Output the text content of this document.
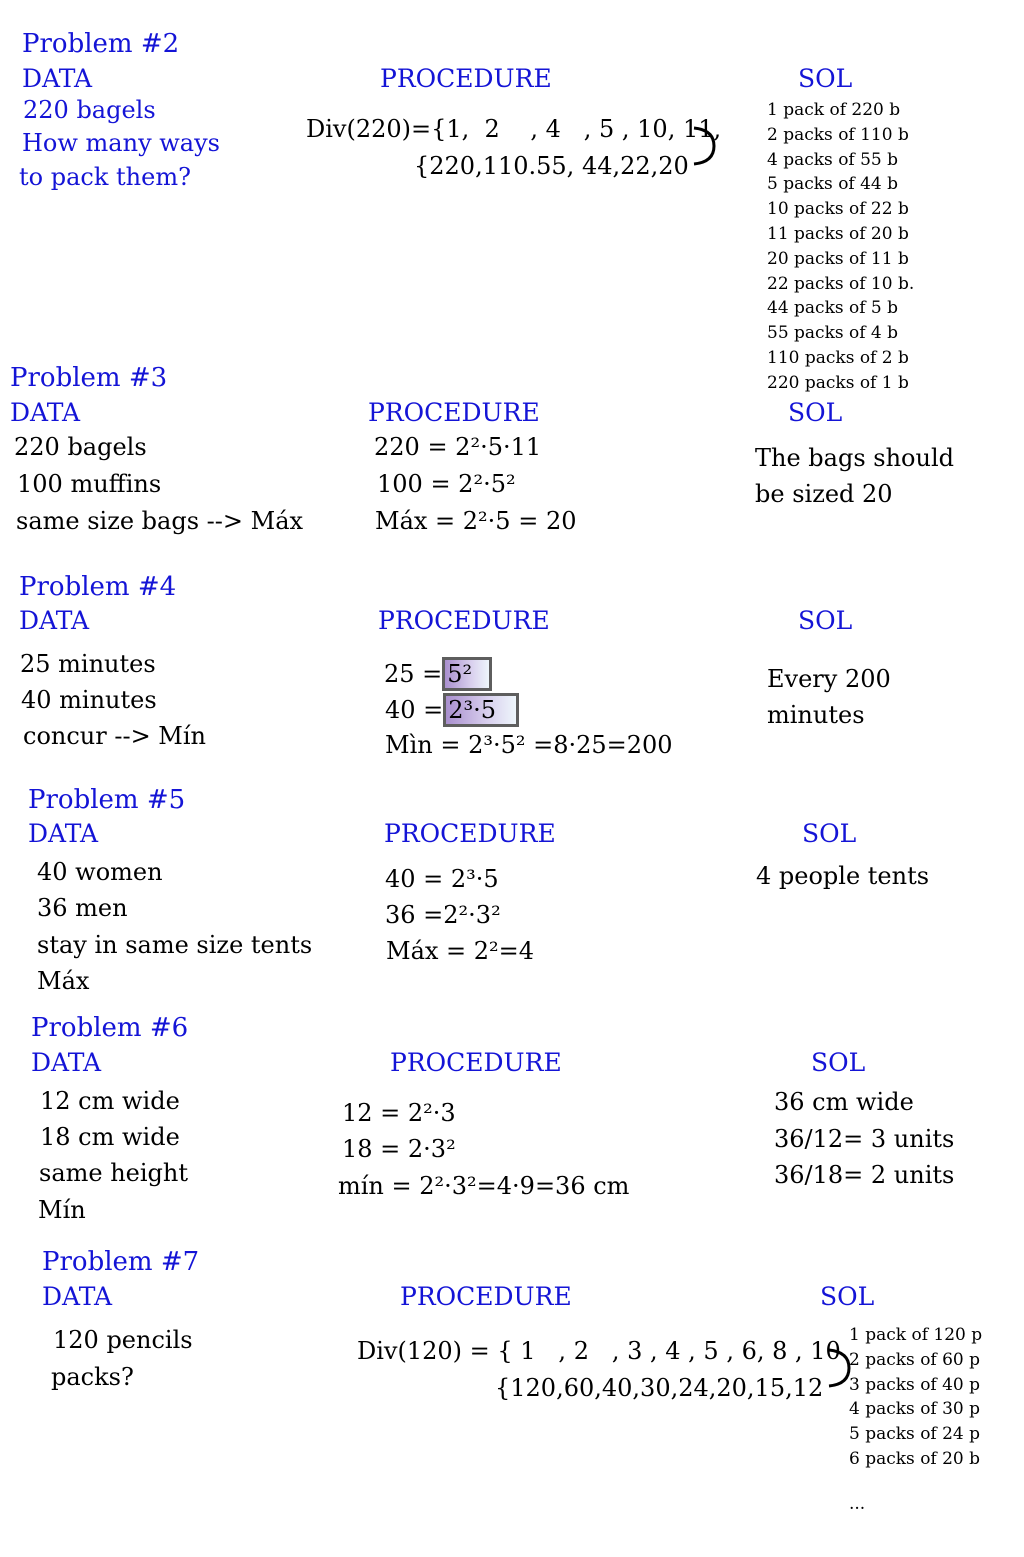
Problem #2
DATA
220 bagels
How many ways
to pack them?
PROCEDURE
Div(220)={1,  2    , 4   , 5 , 10, 11,
{220,110.55, 44,22,20
SOL
1 pack of 220 b
2 packs of 110 b
4 packs of 55 b
5 packs of 44 b
10 packs of 22 b
11 packs of 20 b
20 packs of 11 b
22 packs of 10 b.
44 packs of 5 b
55 packs of 4 b
110 packs of 2 b
220 packs of 1 b
Problem #3
DATA
220 bagels
100 muffins
same size bags --> Máx
PROCEDURE
220 = 2²·5·11
100 = 2²·5²
Máx = 2²·5 = 20
SOL
The bags should
be sized 20
Problem #4
DATA
25 minutes
40 minutes
concur --> Mín
PROCEDURE
25 = 5²
40 = 2³·5
Mìn = 2³·5² =8·25=200
SOL
Every 200
minutes
Problem #5
DATA
40 women
36 men
stay in same size tents
Máx
PROCEDURE
40 = 2³·5
36 =2²·3²
Máx = 2²=4
SOL
4 people tents
Problem #6
DATA
12 cm wide
18 cm wide
same height
Mín
PROCEDURE
12 = 2²·3
18 = 2·3²
mín = 2²·3²=4·9=36 cm
SOL
36 cm wide
36/12= 3 units
36/18= 2 units
Problem #7
DATA
120 pencils
packs?
PROCEDURE
Div(120) = { 1   , 2   , 3 , 4 , 5 , 6, 8 , 10
{120,60,40,30,24,20,15,12
SOL
1 pack of 120 p
2 packs of 60 p
3 packs of 40 p
4 packs of 30 p
5 packs of 24 p
6 packs of 20 b
...
